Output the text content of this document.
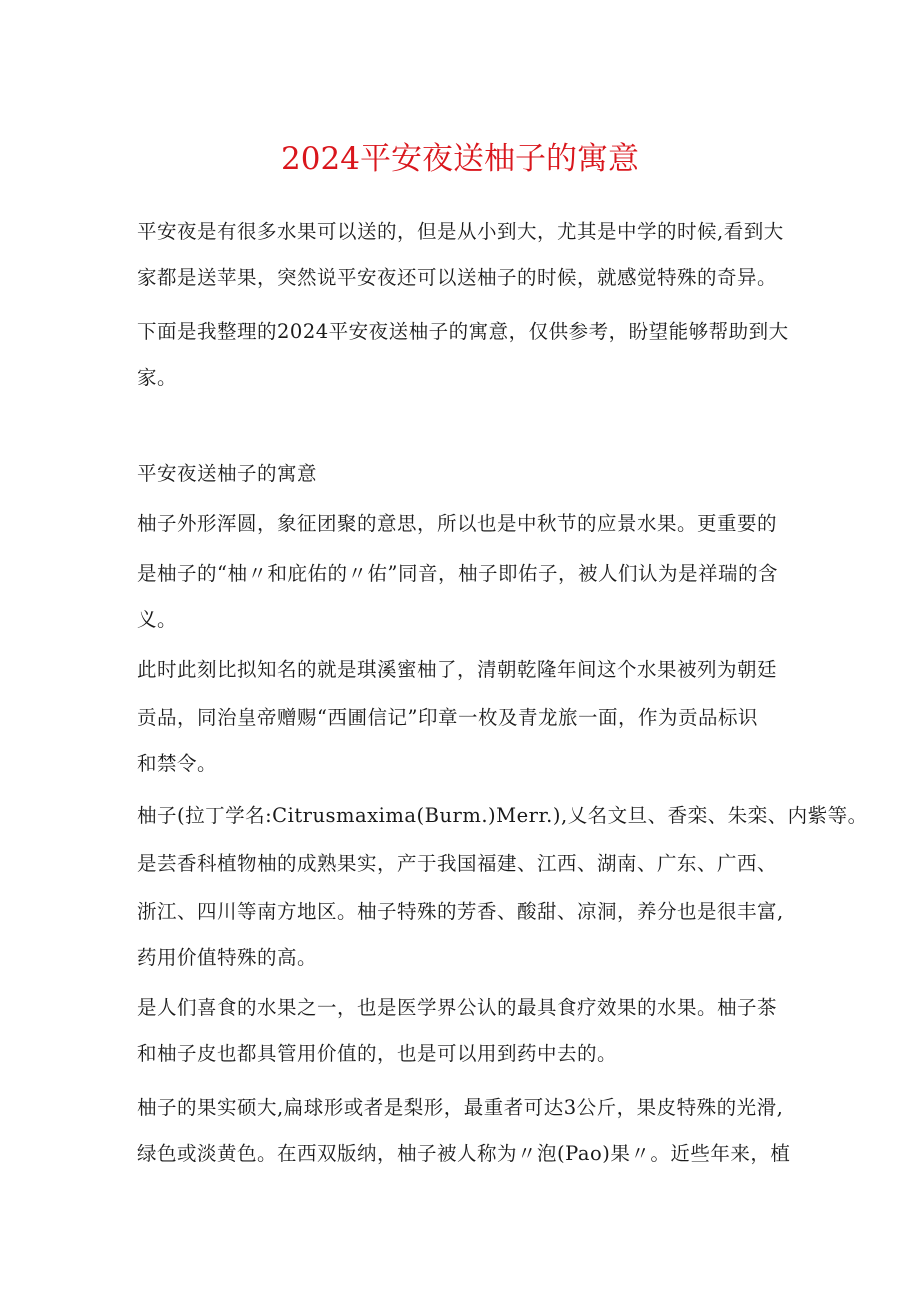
2024平安夜送柚子的寓意
平安夜是有很多水果可以送的，但是从小到大，尤其是中学的时候,看到大
家都是送苹果，突然说平安夜还可以送柚子的时候，就感觉特殊的奇异。
下面是我整理的2024平安夜送柚子的寓意，仅供参考，盼望能够帮助到大
家。
平安夜送柚子的寓意
柚子外形浑圆，象征团聚的意思，所以也是中秋节的应景水果。更重要的
是柚子的“柚〃和庇佑的〃佑”同音，柚子即佑子，被人们认为是祥瑞的含
义。
此时此刻比拟知名的就是琪溪蜜柚了，清朝乾隆年间这个水果被列为朝廷
贡品，同治皇帝赠赐“西圃信记”印章一枚及青龙旅一面，作为贡品标识
和禁令。
柚子(拉丁学名:Citrusmaxima(Burm.)Merr.),乂名文旦、香栾、朱栾、内紫等。
是芸香科植物柚的成熟果实，产于我国福建、江西、湖南、广东、广西、
浙江、四川等南方地区。柚子特殊的芳香、酸甜、凉洞，养分也是很丰富,
药用价值特殊的高。
是人们喜食的水果之一，也是医学界公认的最具食疗效果的水果。柚子茶
和柚子皮也都具管用价值的，也是可以用到药中去的。
柚子的果实硕大,扁球形或者是梨形，最重者可达3公斤，果皮特殊的光滑,
绿色或淡黄色。在西双版纳，柚子被人称为〃泡(Pao)果〃。近些年来，植
